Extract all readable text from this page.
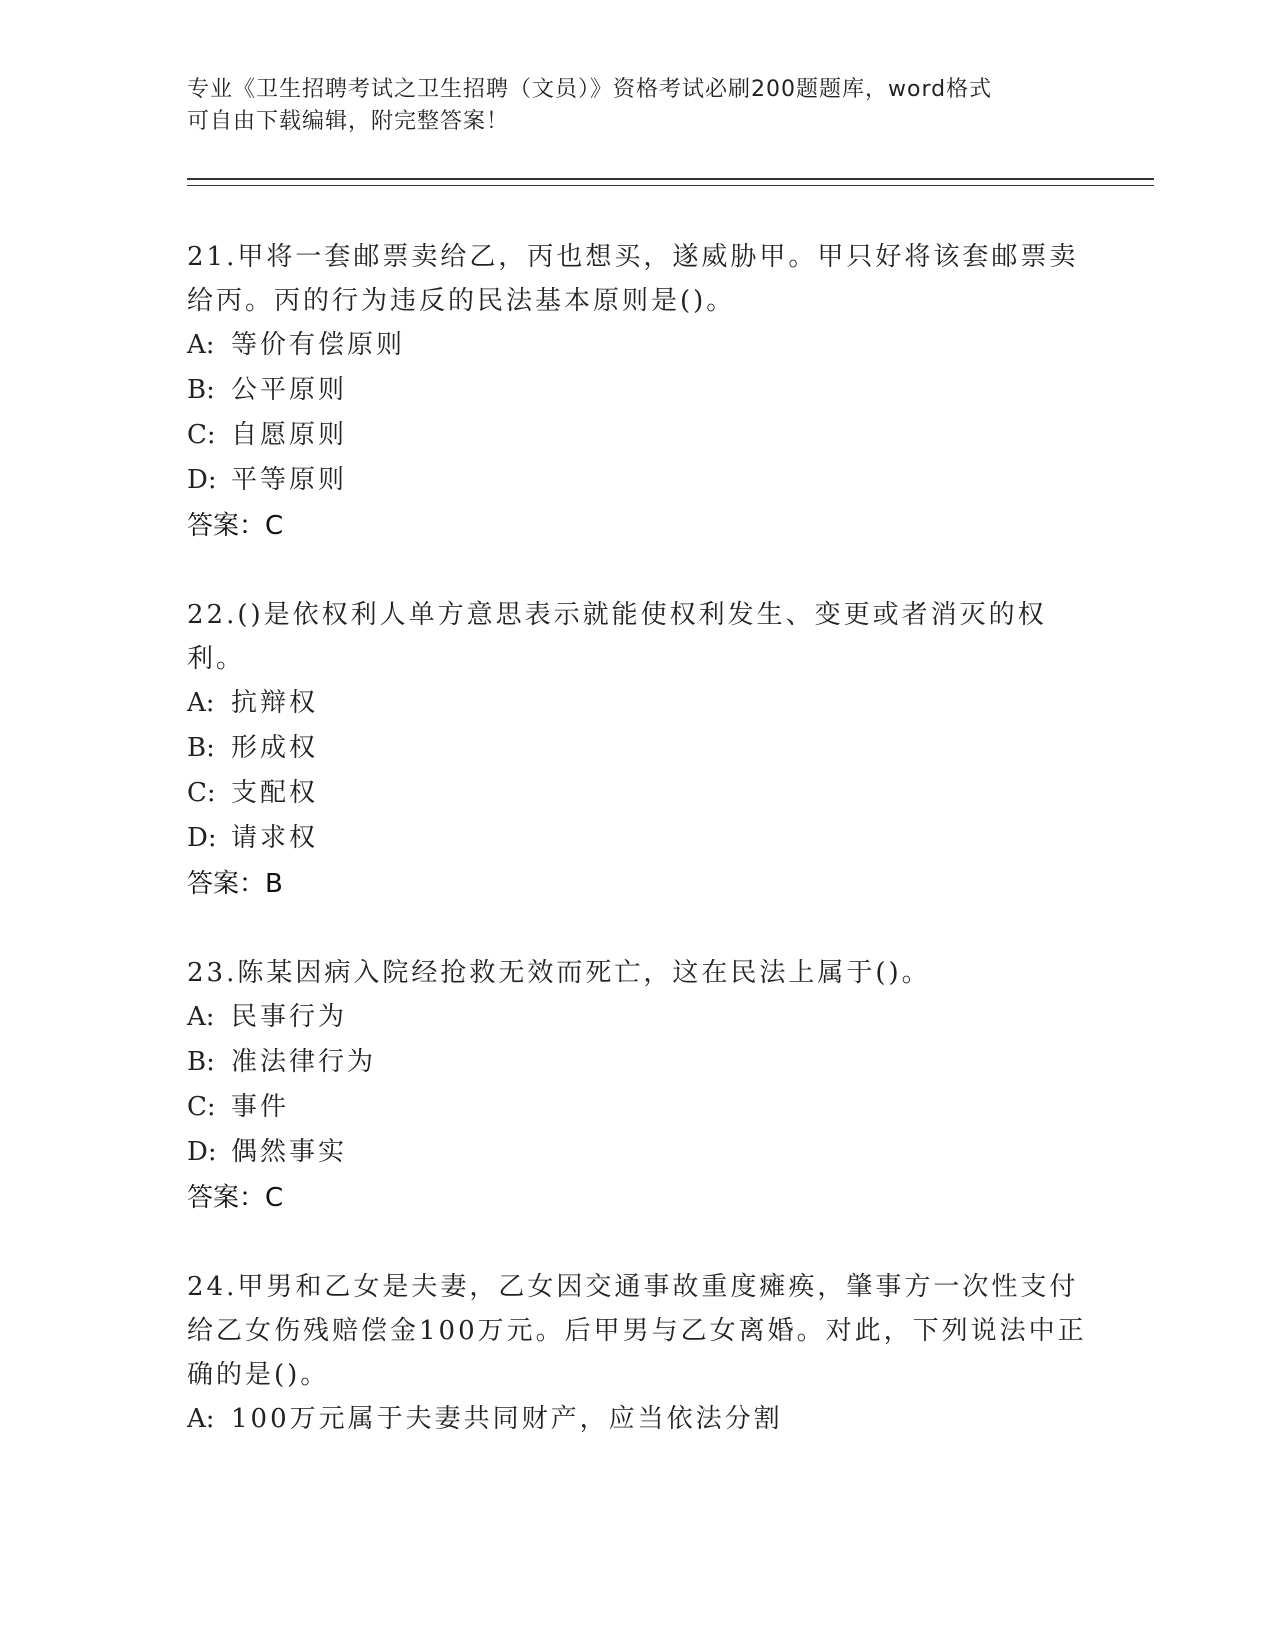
专业《卫生招聘考试之卫生招聘（文员）》资格考试必刷200题题库，word格式
可自由下载编辑，附完整答案！
21.甲将一套邮票卖给乙，丙也想买，遂威胁甲。甲只好将该套邮票卖给丙。丙的行为违反的民法基本原则是()。
A: 等价有偿原则
B: 公平原则
C: 自愿原则
D: 平等原则
答案：C
22.()是依权利人单方意思表示就能使权利发生、变更或者消灭的权利。
A: 抗辩权
B: 形成权
C: 支配权
D: 请求权
答案：B
23.陈某因病入院经抢救无效而死亡，这在民法上属于()。
A: 民事行为
B: 准法律行为
C: 事件
D: 偶然事实
答案：C
24.甲男和乙女是夫妻，乙女因交通事故重度瘫痪，肇事方一次性支付给乙女伤残赔偿金100万元。后甲男与乙女离婚。对此，下列说法中正确的是()。
A: 100万元属于夫妻共同财产，应当依法分割
